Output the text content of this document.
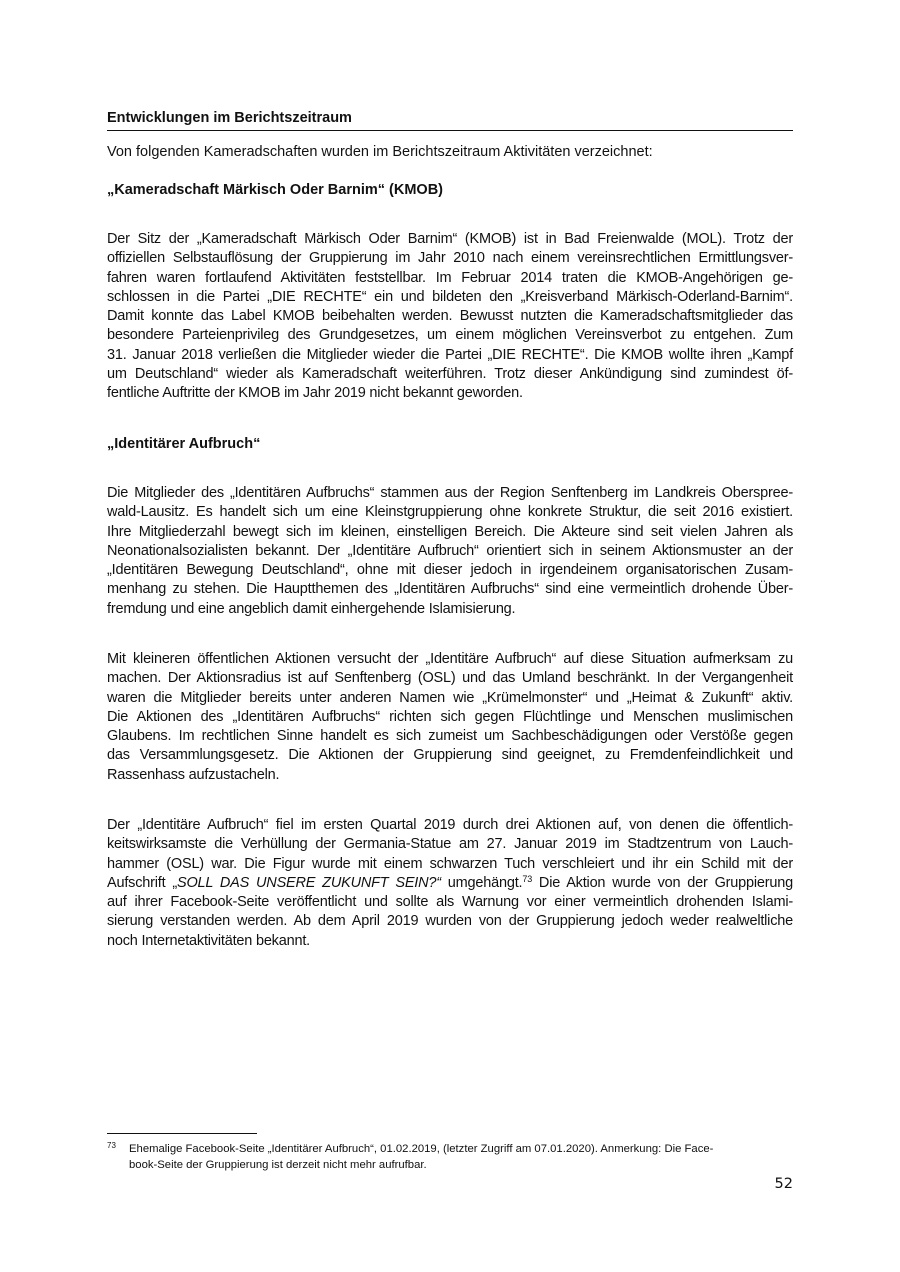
Entwicklungen im Berichtszeitraum
Von folgenden Kameradschaften wurden im Berichtszeitraum Aktivitäten verzeichnet:
„Kameradschaft Märkisch Oder Barnim“ (KMOB)
Der Sitz der „Kameradschaft Märkisch Oder Barnim“ (KMOB) ist in Bad Freienwalde (MOL). Trotz der
offiziellen Selbstauflösung der Gruppierung im Jahr 2010 nach einem vereinsrechtlichen Ermittlungsver-
fahren waren fortlaufend Aktivitäten feststellbar. Im Februar 2014 traten die KMOB-Angehörigen ge-
schlossen in die Partei „DIE RECHTE“ ein und bildeten den „Kreisverband Märkisch-Oderland-Barnim“.
Damit konnte das Label KMOB beibehalten werden. Bewusst nutzten die Kameradschaftsmitglieder das
besondere Parteienprivileg des Grundgesetzes, um einem möglichen Vereinsverbot zu entgehen. Zum
31. Januar 2018 verließen die Mitglieder wieder die Partei „DIE RECHTE“. Die KMOB wollte ihren „Kampf
um Deutschland“ wieder als Kameradschaft weiterführen. Trotz dieser Ankündigung sind zumindest öf-
fentliche Auftritte der KMOB im Jahr 2019 nicht bekannt geworden.
„Identitärer Aufbruch“
Die Mitglieder des „Identitären Aufbruchs“ stammen aus der Region Senftenberg im Landkreis Oberspree-
wald-Lausitz. Es handelt sich um eine Kleinstgruppierung ohne konkrete Struktur, die seit 2016 existiert.
Ihre Mitgliederzahl bewegt sich im kleinen, einstelligen Bereich. Die Akteure sind seit vielen Jahren als
Neonationalsozialisten bekannt. Der „Identitäre Aufbruch“ orientiert sich in seinem Aktionsmuster an der
„Identitären Bewegung Deutschland“, ohne mit dieser jedoch in irgendeinem organisatorischen Zusam-
menhang zu stehen. Die Hauptthemen des „Identitären Aufbruchs“ sind eine vermeintlich drohende Über-
fremdung und eine angeblich damit einhergehende Islamisierung.
Mit kleineren öffentlichen Aktionen versucht der „Identitäre Aufbruch“ auf diese Situation aufmerksam zu
machen. Der Aktionsradius ist auf Senftenberg (OSL) und das Umland beschränkt. In der Vergangenheit
waren die Mitglieder bereits unter anderen Namen wie „Krümelmonster“ und „Heimat & Zukunft“ aktiv.
Die Aktionen des „Identitären Aufbruchs“ richten sich gegen Flüchtlinge und Menschen muslimischen
Glaubens. Im rechtlichen Sinne handelt es sich zumeist um Sachbeschädigungen oder Verstöße gegen
das Versammlungsgesetz. Die Aktionen der Gruppierung sind geeignet, zu Fremdenfeindlichkeit und
Rassenhass aufzustacheln.
Der „Identitäre Aufbruch“ fiel im ersten Quartal 2019 durch drei Aktionen auf, von denen die öffentlich-
keitswirksamste die Verhüllung der Germania-Statue am 27. Januar 2019 im Stadtzentrum von Lauch-
hammer (OSL) war. Die Figur wurde mit einem schwarzen Tuch verschleiert und ihr ein Schild mit der
Aufschrift „SOLL DAS UNSERE ZUKUNFT SEIN?“ umgehängt.$^{73}$ Die Aktion wurde von der Gruppierung
auf ihrer Facebook-Seite veröffentlicht und sollte als Warnung vor einer vermeintlich drohenden Islami-
sierung verstanden werden. Ab dem April 2019 wurden von der Gruppierung jedoch weder realweltliche
noch Internetaktivitäten bekannt.
73 Ehemalige Facebook-Seite „Identitärer Aufbruch“, 01.02.2019, (letzter Zugriff am 07.01.2020). Anmerkung: Die Face-
book-Seite der Gruppierung ist derzeit nicht mehr aufrufbar.
52
